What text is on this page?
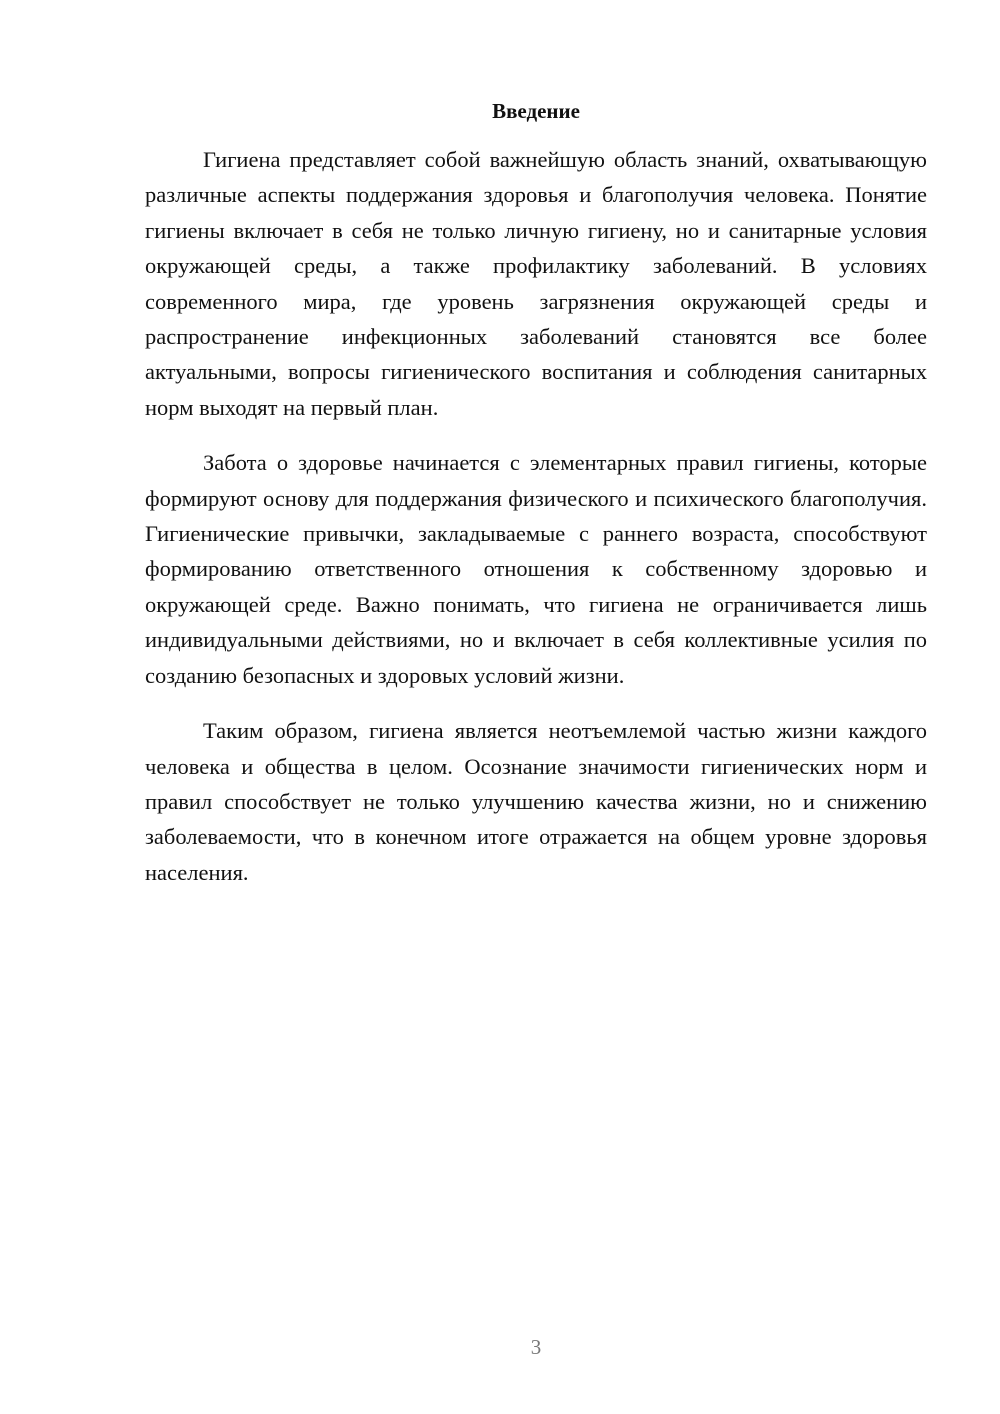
Введение

Гигиена представляет собой важнейшую область знаний, охватывающую различные аспекты поддержания здоровья и благополучия человека. Понятие гигиены включает в себя не только личную гигиену, но и санитарные условия окружающей среды, а также профилактику заболеваний. В условиях современного мира, где уровень загрязнения окружающей среды и распространение инфекционных заболеваний становятся все более актуальными, вопросы гигиенического воспитания и соблюдения санитарных норм выходят на первый план.

Забота о здоровье начинается с элементарных правил гигиены, которые формируют основу для поддержания физического и психического благополучия. Гигиенические привычки, закладываемые с раннего возраста, способствуют формированию ответственного отношения к собственному здоровью и окружающей среде. Важно понимать, что гигиена не ограничивается лишь индивидуальными действиями, но и включает в себя коллективные усилия по созданию безопасных и здоровых условий жизни.

Таким образом, гигиена является неотъемлемой частью жизни каждого человека и общества в целом. Осознание значимости гигиенических норм и правил способствует не только улучшению качества жизни, но и снижению заболеваемости, что в конечном итоге отражается на общем уровне здоровья населения.

3
